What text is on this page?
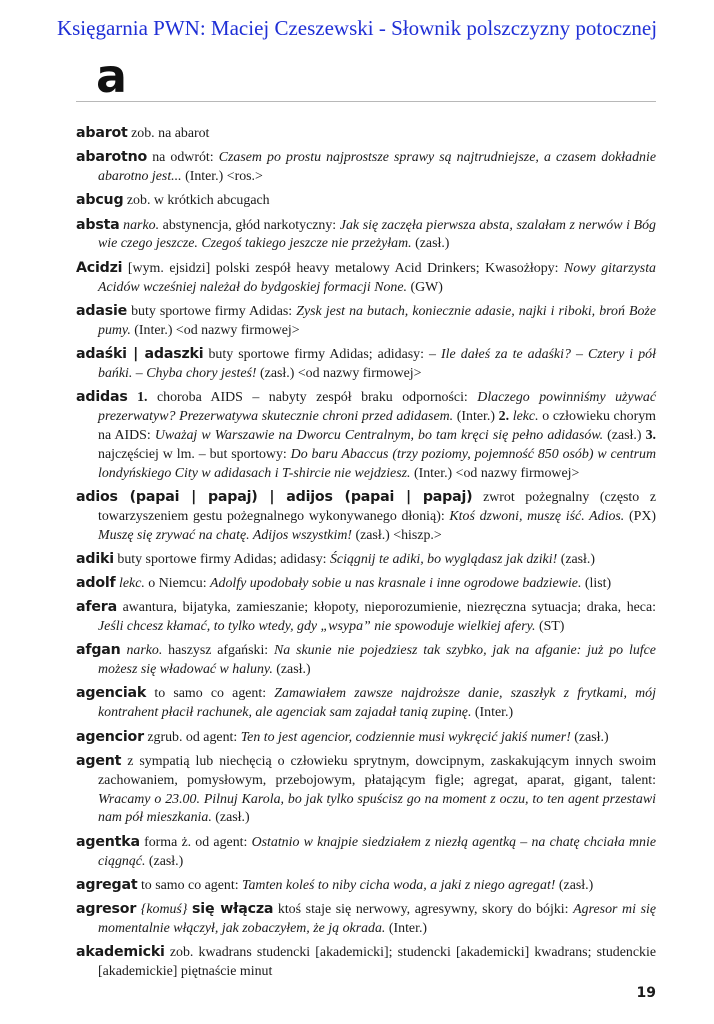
Księgarnia PWN: Maciej Czeszewski - Słownik polszczyzny potocznej
a

abarot zob. na abarot

abarotno na odwrót: Czasem po prostu najprostsze sprawy są najtrudniejsze, a czasem dokładnie abarotno jest... (Inter.) <ros.>

abcug zob. w krótkich abcugach

absta narko. abstynencja, głód narkotyczny: Jak się zaczęła pierwsza absta, szalałam z nerwów i Bóg wie czego jeszcze. Czegoś takiego jeszcze nie przeżyłam. (zasł.)

Acidzi [wym. ejsidzi] polski zespół heavy metalowy Acid Drinkers; Kwasożłopy: Nowy gitarzysta Acidów wcześniej należał do bydgoskiej formacji None. (GW)

adasie buty sportowe firmy Adidas: Zysk jest na butach, koniecznie adasie, najki i riboki, broń Boże pumy. (Inter.) <od nazwy firmowej>

adaśki | adaszki buty sportowe firmy Adidas; adidasy: – Ile dałeś za te adaśki? – Cztery i pół bańki. – Chyba chory jesteś! (zasł.) <od nazwy firmowej>

adidas 1. choroba AIDS – nabyty zespół braku odporności: Dlaczego powinniśmy używać prezerwatyw? Prezerwatywa skutecznie chroni przed adidasem. (Inter.) 2. lekc. o człowieku chorym na AIDS: Uważaj w Warszawie na Dworcu Centralnym, bo tam kręci się pełno adidasów. (zasł.) 3. najczęściej w lm. – but sportowy: Do baru Abaccus (trzy poziomy, pojemność 850 osób) w centrum londyńskiego City w adidasach i T-shircie nie wejdziesz. (Inter.) <od nazwy firmowej>

adios (papai | papaj) | adijos (papai | papaj) zwrot pożegnalny (często z towarzyszeniem gestu pożegnalnego wykonywanego dłonią): Ktoś dzwoni, muszę iść. Adios. (PX) Muszę się zrywać na chatę. Adijos wszystkim! (zasł.) <hiszp.>

adiki buty sportowe firmy Adidas; adidasy: Ściągnij te adiki, bo wyglądasz jak dziki! (zasł.)

adolf lekc. o Niemcu: Adolfy upodobały sobie u nas krasnale i inne ogrodowe badziewie. (list)

afera awantura, bijatyka, zamieszanie; kłopoty, nieporozumienie, niezręczna sytuacja; draka, heca: Jeśli chcesz kłamać, to tylko wtedy, gdy „wsypa” nie spowoduje wielkiej afery. (ST)

afgan narko. haszysz afgański: Na skunie nie pojedziesz tak szybko, jak na afganie: już po lufce możesz się władować w haluny. (zasł.)

agenciak to samo co agent: Zamawiałem zawsze najdroższe danie, szaszłyk z frytkami, mój kontrahent płacił rachunek, ale agenciak sam zajadał tanią zupinę. (Inter.)

agencior zgrub. od agent: Ten to jest agencior, codziennie musi wykręcić jakiś numer! (zasł.)

agent z sympatią lub niechęcią o człowieku sprytnym, dowcipnym, zaskakującym innych swoim zachowaniem, pomysłowym, przebojowym, płatającym figle; agregat, aparat, gigant, talent: Wracamy o 23.00. Pilnuj Karola, bo jak tylko spuścisz go na moment z oczu, to ten agent przestawi nam pół mieszkania. (zasł.)

agentka forma ż. od agent: Ostatnio w knajpie siedziałem z niezłą agentką – na chatę chciała mnie ciągnąć. (zasł.)

agregat to samo co agent: Tamten koleś to niby cicha woda, a jaki z niego agregat! (zasł.)

agresor {komuś} się włącza ktoś staje się nerwowy, agresywny, skory do bójki: Agresor mi się momentalnie włączył, jak zobaczyłem, że ją okrada. (Inter.)

akademicki zob. kwadrans studencki [akademicki]; studencki [akademicki] kwadrans; studenckie [akademickie] piętnaście minut

19
